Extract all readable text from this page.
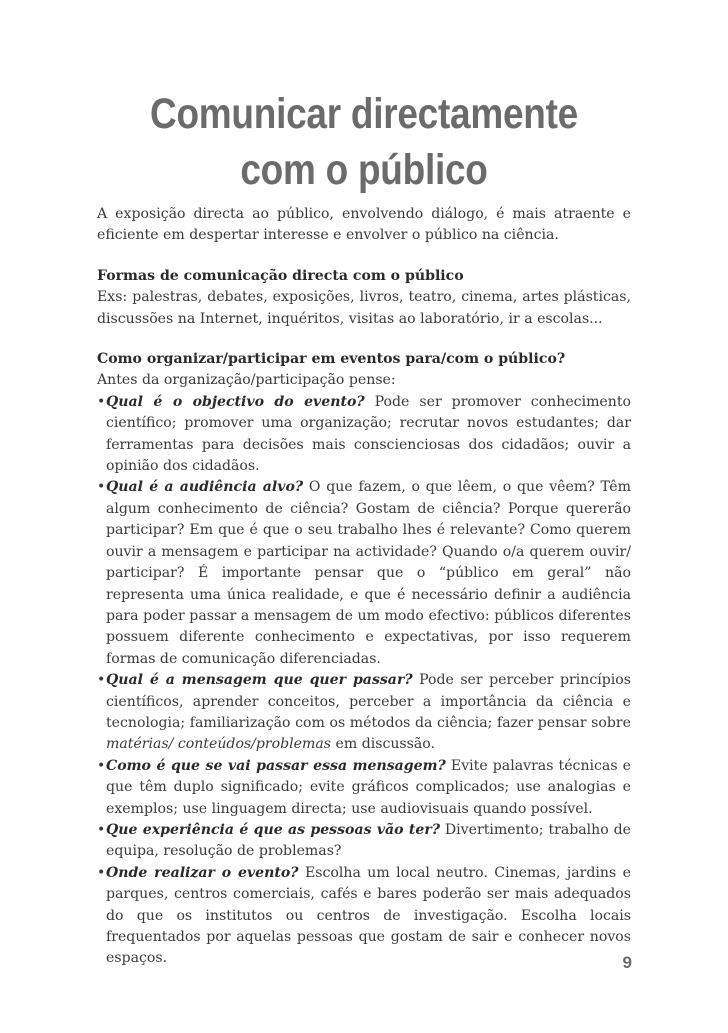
Comunicar directamente
com o público

A exposição directa ao público, envolvendo diálogo, é mais atraente e eficiente em despertar interesse e envolver o público na ciência.

Formas de comunicação directa com o público

Exs: palestras, debates, exposições, livros, teatro, cinema, artes plásticas, discussões na Internet, inquéritos, visitas ao laboratório, ir a escolas...

Como organizar/participar em eventos para/com o público?

Antes da organização/participação pense:

• Qual é o objectivo do evento? Pode ser promover conhecimento científico; promover uma organização; recrutar novos estudantes; dar ferramentas para decisões mais conscienciosas dos cidadãos; ouvir a opinião dos cidadãos.
• Qual é a audiência alvo? O que fazem, o que lêem, o que vêem? Têm algum conhecimento de ciência? Gostam de ciência? Porque quererão participar? Em que é que o seu trabalho lhes é relevante? Como querem ouvir a mensagem e participar na actividade? Quando o/a querem ouvir/ participar? É importante pensar que o “público em geral” não representa uma única realidade, e que é necessário definir a audiência para poder passar a mensagem de um modo efectivo: públicos diferentes possuem diferente conhecimento e expectativas, por isso requerem formas de comunicação diferenciadas.
• Qual é a mensagem que quer passar? Pode ser perceber princípios científicos, aprender conceitos, perceber a importância da ciência e tecnologia; familiarização com os métodos da ciência; fazer pensar sobre matérias/ conteúdos/problemas em discussão.
• Como é que se vai passar essa mensagem? Evite palavras técnicas e que têm duplo significado; evite gráficos complicados; use analogias e exemplos; use linguagem directa; use audiovisuais quando possível.
• Que experiência é que as pessoas vão ter? Divertimento; trabalho de equipa, resolução de problemas?
• Onde realizar o evento? Escolha um local neutro. Cinemas, jardins e parques, centros comerciais, cafés e bares poderão ser mais adequados do que os institutos ou centros de investigação. Escolha locais frequentados por aquelas pessoas que gostam de sair e conhecer novos espaços.	9
